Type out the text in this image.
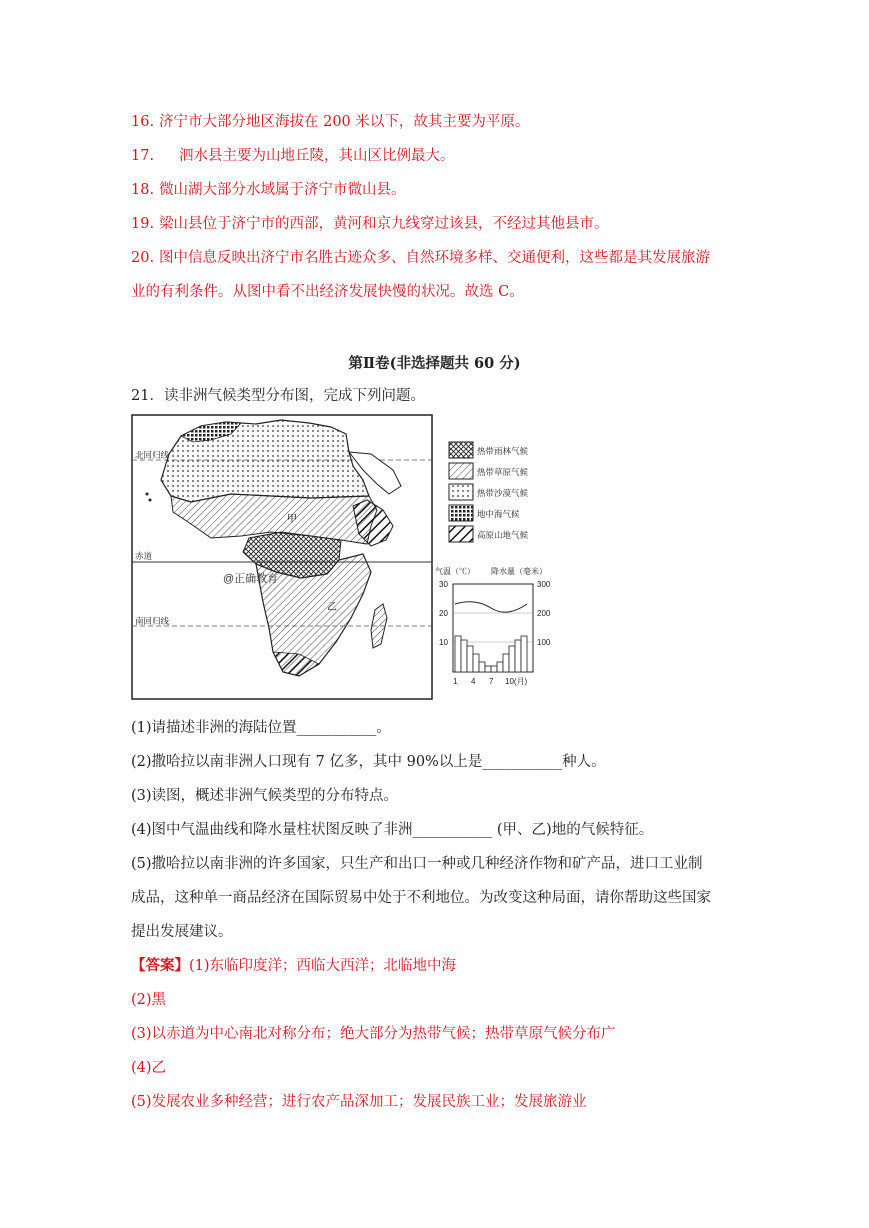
16. 济宁市大部分地区海拔在 200 米以下，故其主要为平原。
17. 泗水县主要为山地丘陵，其山区比例最大。
18. 微山湖大部分水域属于济宁市微山县。
19. 梁山县位于济宁市的西部，黄河和京九线穿过该县，不经过其他县市。
20. 图中信息反映出济宁市名胜古迹众多、自然环境多样、交通便利，这些都是其发展旅游
业的有利条件。从图中看不出经济发展快慢的状况。故选 C。
第Ⅱ卷(非选择题共 60 分)
21．读非洲气候类型分布图，完成下列问题。
北回归线
赤道
南回归线
甲
乙
@正确教育
热带雨林气候
热带草原气候
热带沙漠气候
地中海气候
高原山地气候
气温（℃） 降水量（毫米）
30
20
10
300
200
100
1 4 7 10(月)
(1)请描述非洲的海陆位置___________。
(2)撒哈拉以南非洲人口现有 7 亿多，其中 90%以上是___________种人。
(3)读图，概述非洲气候类型的分布特点。
(4)图中气温曲线和降水量柱状图反映了非洲___________ (甲、乙)地的气候特征。
(5)撒哈拉以南非洲的许多国家，只生产和出口一种或几种经济作物和矿产品，进口工业制
成品，这种单一商品经济在国际贸易中处于不利地位。为改变这种局面，请你帮助这些国家
提出发展建议。
【答案】(1)东临印度洋；西临大西洋；北临地中海
(2)黑
(3)以赤道为中心南北对称分布；绝大部分为热带气候；热带草原气候分布广
(4)乙
(5)发展农业多种经营；进行农产品深加工；发展民族工业；发展旅游业
